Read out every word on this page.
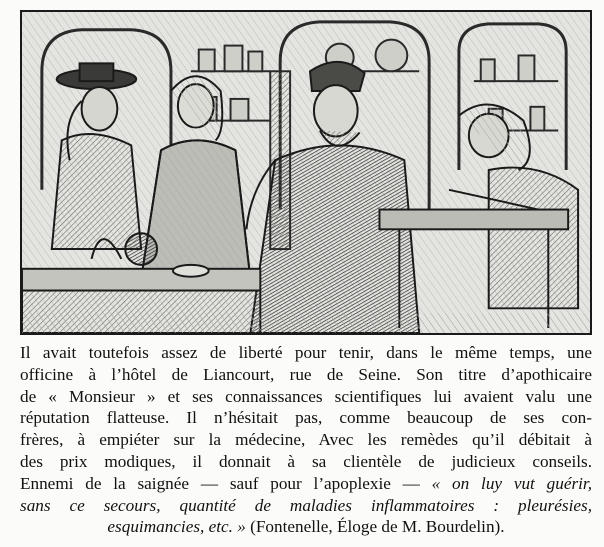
Il avait toutefois assez de liberté pour tenir, dans le même temps, une
officine à l’hôtel de Liancourt, rue de Seine. Son titre d’apothicaire
de « Monsieur » et ses connaissances scientifiques lui avaient valu une
réputation flatteuse. Il n’hésitait pas, comme beaucoup de ses con-
frères, à empiéter sur la médecine, Avec les remèdes qu’il débitait à
des prix modiques, il donnait à sa clientèle de judicieux conseils.
Ennemi de la saignée — sauf pour l’apoplexie — « on luy vut guérir,
sans ce secours, quantité de maladies inflammatoires : pleurésies,
esquimancies, etc. » (Fontenelle, Éloge de M. Bourdelin).
